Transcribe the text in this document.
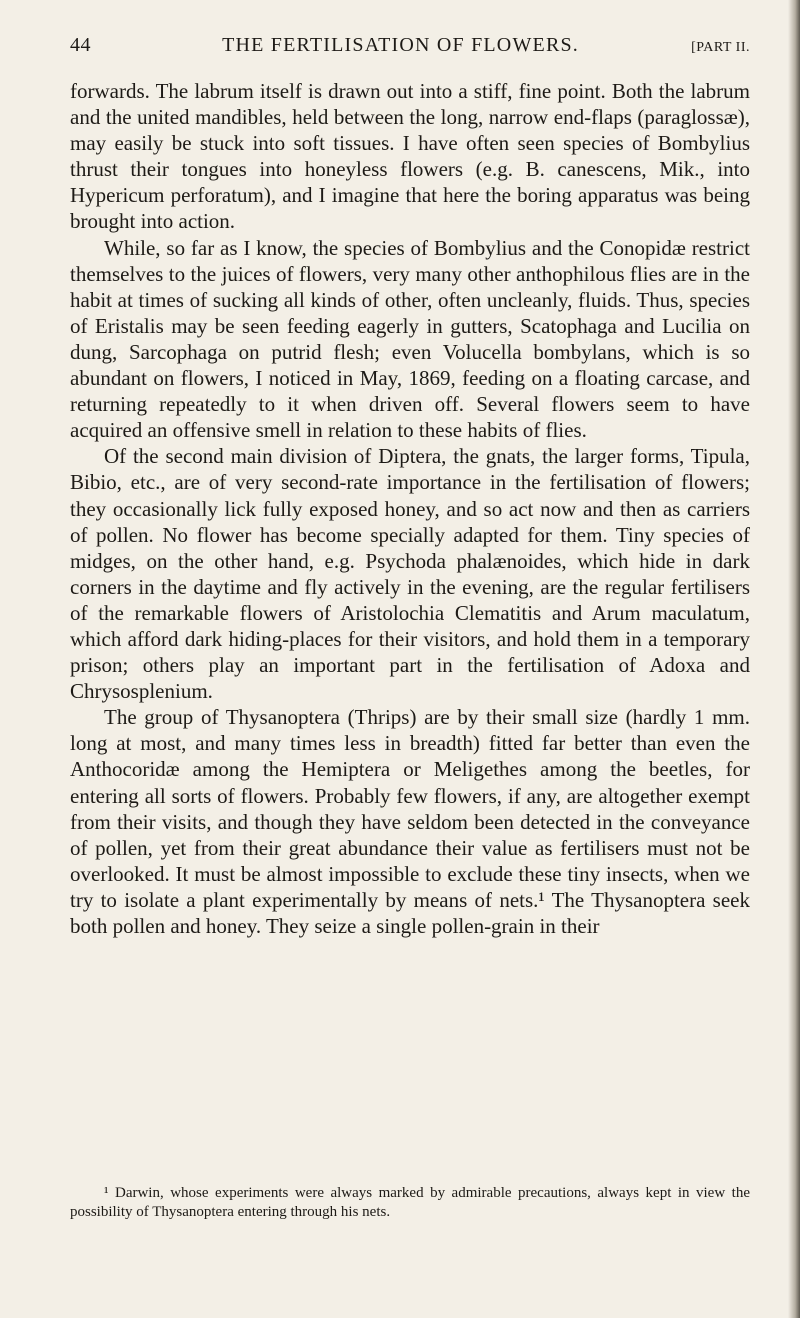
44	THE FERTILISATION OF FLOWERS.	[PART II.

forwards. The labrum itself is drawn out into a stiff, fine point. Both the labrum and the united mandibles, held between the long, narrow end-flaps (paraglossæ), may easily be stuck into soft tissues. I have often seen species of Bombylius thrust their tongues into honeyless flowers (e.g. B. canescens, Mik., into Hypericum perforatum), and I imagine that here the boring apparatus was being brought into action.

While, so far as I know, the species of Bombylius and the Conopidæ restrict themselves to the juices of flowers, very many other anthophilous flies are in the habit at times of sucking all kinds of other, often uncleanly, fluids. Thus, species of Eristalis may be seen feeding eagerly in gutters, Scatophaga and Lucilia on dung, Sarcophaga on putrid flesh; even Volucella bombylans, which is so abundant on flowers, I noticed in May, 1869, feeding on a floating carcase, and returning repeatedly to it when driven off. Several flowers seem to have acquired an offensive smell in relation to these habits of flies.

Of the second main division of Diptera, the gnats, the larger forms, Tipula, Bibio, etc., are of very second-rate importance in the fertilisation of flowers; they occasionally lick fully exposed honey, and so act now and then as carriers of pollen. No flower has become specially adapted for them. Tiny species of midges, on the other hand, e.g. Psychoda phalænoides, which hide in dark corners in the daytime and fly actively in the evening, are the regular fertilisers of the remarkable flowers of Aristolochia Clematitis and Arum maculatum, which afford dark hiding-places for their visitors, and hold them in a temporary prison; others play an important part in the fertilisation of Adoxa and Chrysosplenium.

The group of Thysanoptera (Thrips) are by their small size (hardly 1 mm. long at most, and many times less in breadth) fitted far better than even the Anthocoridæ among the Hemiptera or Meligethes among the beetles, for entering all sorts of flowers. Probably few flowers, if any, are altogether exempt from their visits, and though they have seldom been detected in the conveyance of pollen, yet from their great abundance their value as fertilisers must not be overlooked. It must be almost impossible to exclude these tiny insects, when we try to isolate a plant experimentally by means of nets.¹ The Thysanoptera seek both pollen and honey. They seize a single pollen-grain in their

¹ Darwin, whose experiments were always marked by admirable precautions, always kept in view the possibility of Thysanoptera entering through his nets.
